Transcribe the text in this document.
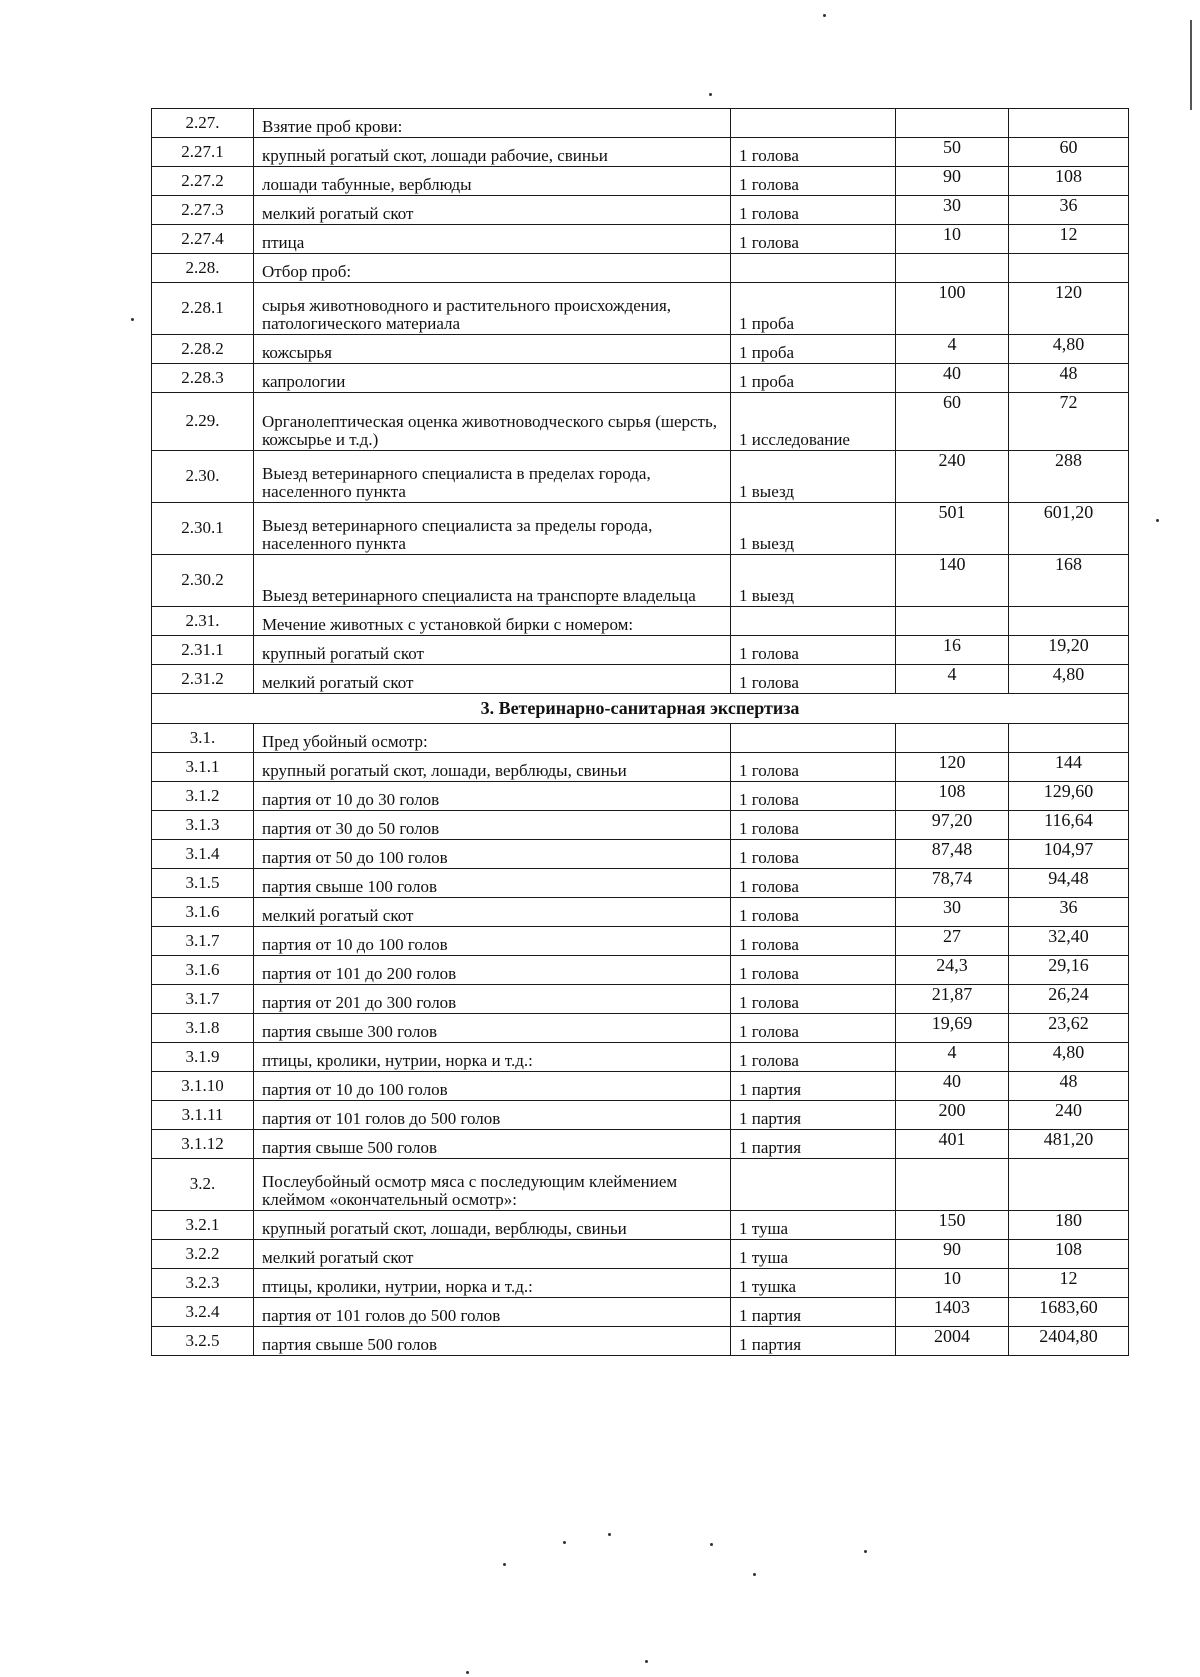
2.27.	Взятие проб крови:			
2.27.1	крупный рогатый скот, лошади рабочие, свиньи	1 голова	50	60
2.27.2	лошади табунные, верблюды	1 голова	90	108
2.27.3	мелкий рогатый скот	1 голова	30	36
2.27.4	птица	1 голова	10	12
2.28.	Отбор проб:			
2.28.1	сырья животноводного и растительного происхождения, патологического материала	1 проба	100	120
2.28.2	кожсырья	1 проба	4	4,80
2.28.3	капрологии	1 проба	40	48
2.29.	Органолептическая оценка животноводческого сырья (шерсть, кожсырье и т.д.)	1 исследование	60	72
2.30.	Выезд ветеринарного специалиста в пределах города, населенного пункта	1 выезд	240	288
2.30.1	Выезд ветеринарного специалиста за пределы города, населенного пункта	1 выезд	501	601,20
2.30.2	Выезд ветеринарного специалиста на транспорте владельца	1 выезд	140	168
2.31.	Мечение животных с установкой бирки с номером:			
2.31.1	крупный рогатый скот	1 голова	16	19,20
2.31.2	мелкий рогатый скот	1 голова	4	4,80
3. Ветеринарно-санитарная экспертиза				
3.1.	Пред убойный осмотр:			
3.1.1	крупный рогатый скот, лошади, верблюды, свиньи	1 голова	120	144
3.1.2	партия от 10 до 30 голов	1 голова	108	129,60
3.1.3	партия от 30 до 50 голов	1 голова	97,20	116,64
3.1.4	партия от 50 до 100 голов	1 голова	87,48	104,97
3.1.5	партия свыше 100 голов	1 голова	78,74	94,48
3.1.6	мелкий рогатый скот	1 голова	30	36
3.1.7	партия от 10 до 100 голов	1 голова	27	32,40
3.1.6	партия от 101 до 200 голов	1 голова	24,3	29,16
3.1.7	партия от 201 до 300 голов	1 голова	21,87	26,24
3.1.8	партия свыше 300 голов	1 голова	19,69	23,62
3.1.9	птицы, кролики, нутрии, норка и т.д.:	1 голова	4	4,80
3.1.10	партия от 10 до 100 голов	1 партия	40	48
3.1.11	партия от 101 голов до 500 голов	1 партия	200	240
3.1.12	партия свыше 500 голов	1 партия	401	481,20
3.2.	Послеубойный осмотр мяса с последующим клеймением клеймом «окончательный осмотр»:			
3.2.1	крупный рогатый скот, лошади, верблюды, свиньи	1 туша	150	180
3.2.2	мелкий рогатый скот	1 туша	90	108
3.2.3	птицы, кролики, нутрии, норка и т.д.:	1 тушка	10	12
3.2.4	партия от 101 голов до 500 голов	1 партия	1403	1683,60
3.2.5	партия свыше 500 голов	1 партия	2004	2404,80
